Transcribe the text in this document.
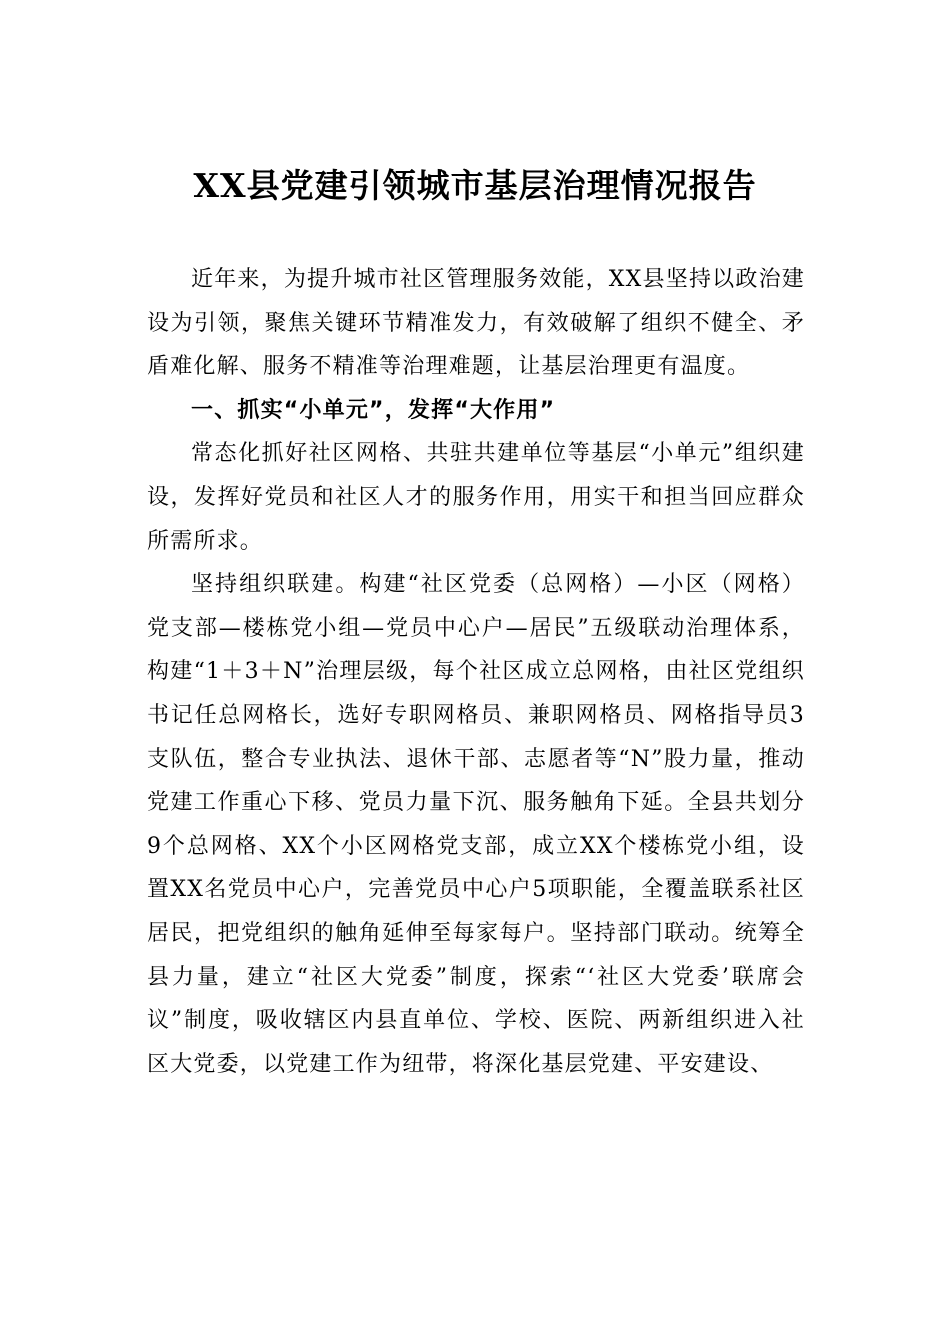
XX县党建引领城市基层治理情况报告

近年来，为提升城市社区管理服务效能，XX县坚持以政治建设为引领，聚焦关键环节精准发力，有效破解了组织不健全、矛盾难化解、服务不精准等治理难题，让基层治理更有温度。

一、抓实“小单元”，发挥“大作用”

常态化抓好社区网格、共驻共建单位等基层“小单元”组织建设，发挥好党员和社区人才的服务作用，用实干和担当回应群众所需所求。

坚持组织联建。构建“社区党委（总网格）—小区（网格）党支部—楼栋党小组—党员中心户—居民”五级联动治理体系，构建“1＋3＋N”治理层级，每个社区成立总网格，由社区党组织书记任总网格长，选好专职网格员、兼职网格员、网格指导员3支队伍，整合专业执法、退休干部、志愿者等“N”股力量，推动党建工作重心下移、党员力量下沉、服务触角下延。全县共划分9个总网格、XX个小区网格党支部，成立XX个楼栋党小组，设置XX名党员中心户，完善党员中心户5项职能，全覆盖联系社区居民，把党组织的触角延伸至每家每户。坚持部门联动。统筹全县力量，建立“社区大党委”制度，探索“‘社区大党委’联席会议”制度，吸收辖区内县直单位、学校、医院、两新组织进入社区大党委，以党建工作为纽带，将深化基层党建、平安建设、
